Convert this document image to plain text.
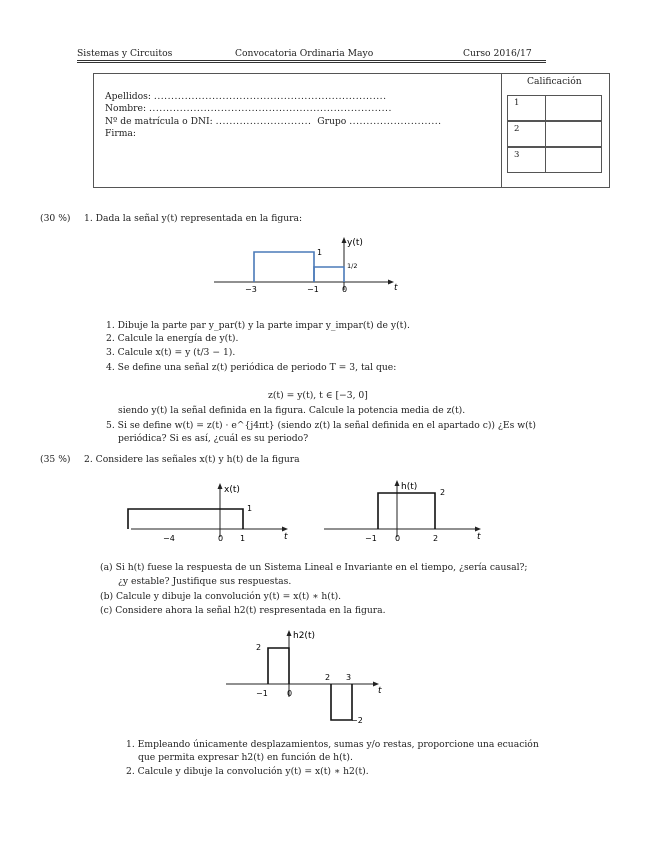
Sistemas y Circuitos	Convocatoria Ordinaria Mayo	Curso 2016/17
Calificación
1
2
3
Apellidos: ....................................................................
Nombre: .......................................................................
Nº de matrícula o DNI: ............................ Grupo ...........................
Firma:
(30 %) 1. Dada la señal y(t) representada en la figura:
y(t)
t
−3	−1	0
1
1/2
1. Dibuje la parte par y_par(t) y la parte impar y_impar(t) de y(t).
2. Calcule la energía de y(t).
3. Calcule x(t) = y (t/3 − 1).
4. Se define una señal z(t) periódica de periodo T = 3, tal que:
z(t) = y(t), t ∈ [−3, 0]
siendo y(t) la señal definida en la figura. Calcule la potencia media de z(t).
5. Si se define w(t) = z(t) · e^{j4πt} (siendo z(t) la señal definida en el apartado c)) ¿Es w(t)
periódica? Si es así, ¿cuál es su periodo?
(35 %) 2. Considere las señales x(t) y h(t) de la figura
x(t)
t
−4	0 1
1
h(t)
t
−1 0	2
2
(a) Si h(t) fuese la respuesta de un Sistema Lineal e Invariante en el tiempo, ¿sería causal?;
¿y estable? Justifique sus respuestas.
(b) Calcule y dibuje la convolución y(t) = x(t) ∗ h(t).
(c) Considere ahora la señal h2(t) respresentada en la figura.
h2(t)
t
−1 0
2 3
2
−2
1. Empleando únicamente desplazamientos, sumas y/o restas, proporcione una ecuación
que permita expresar h2(t) en función de h(t).
2. Calcule y dibuje la convolución y(t) = x(t) ∗ h2(t).
